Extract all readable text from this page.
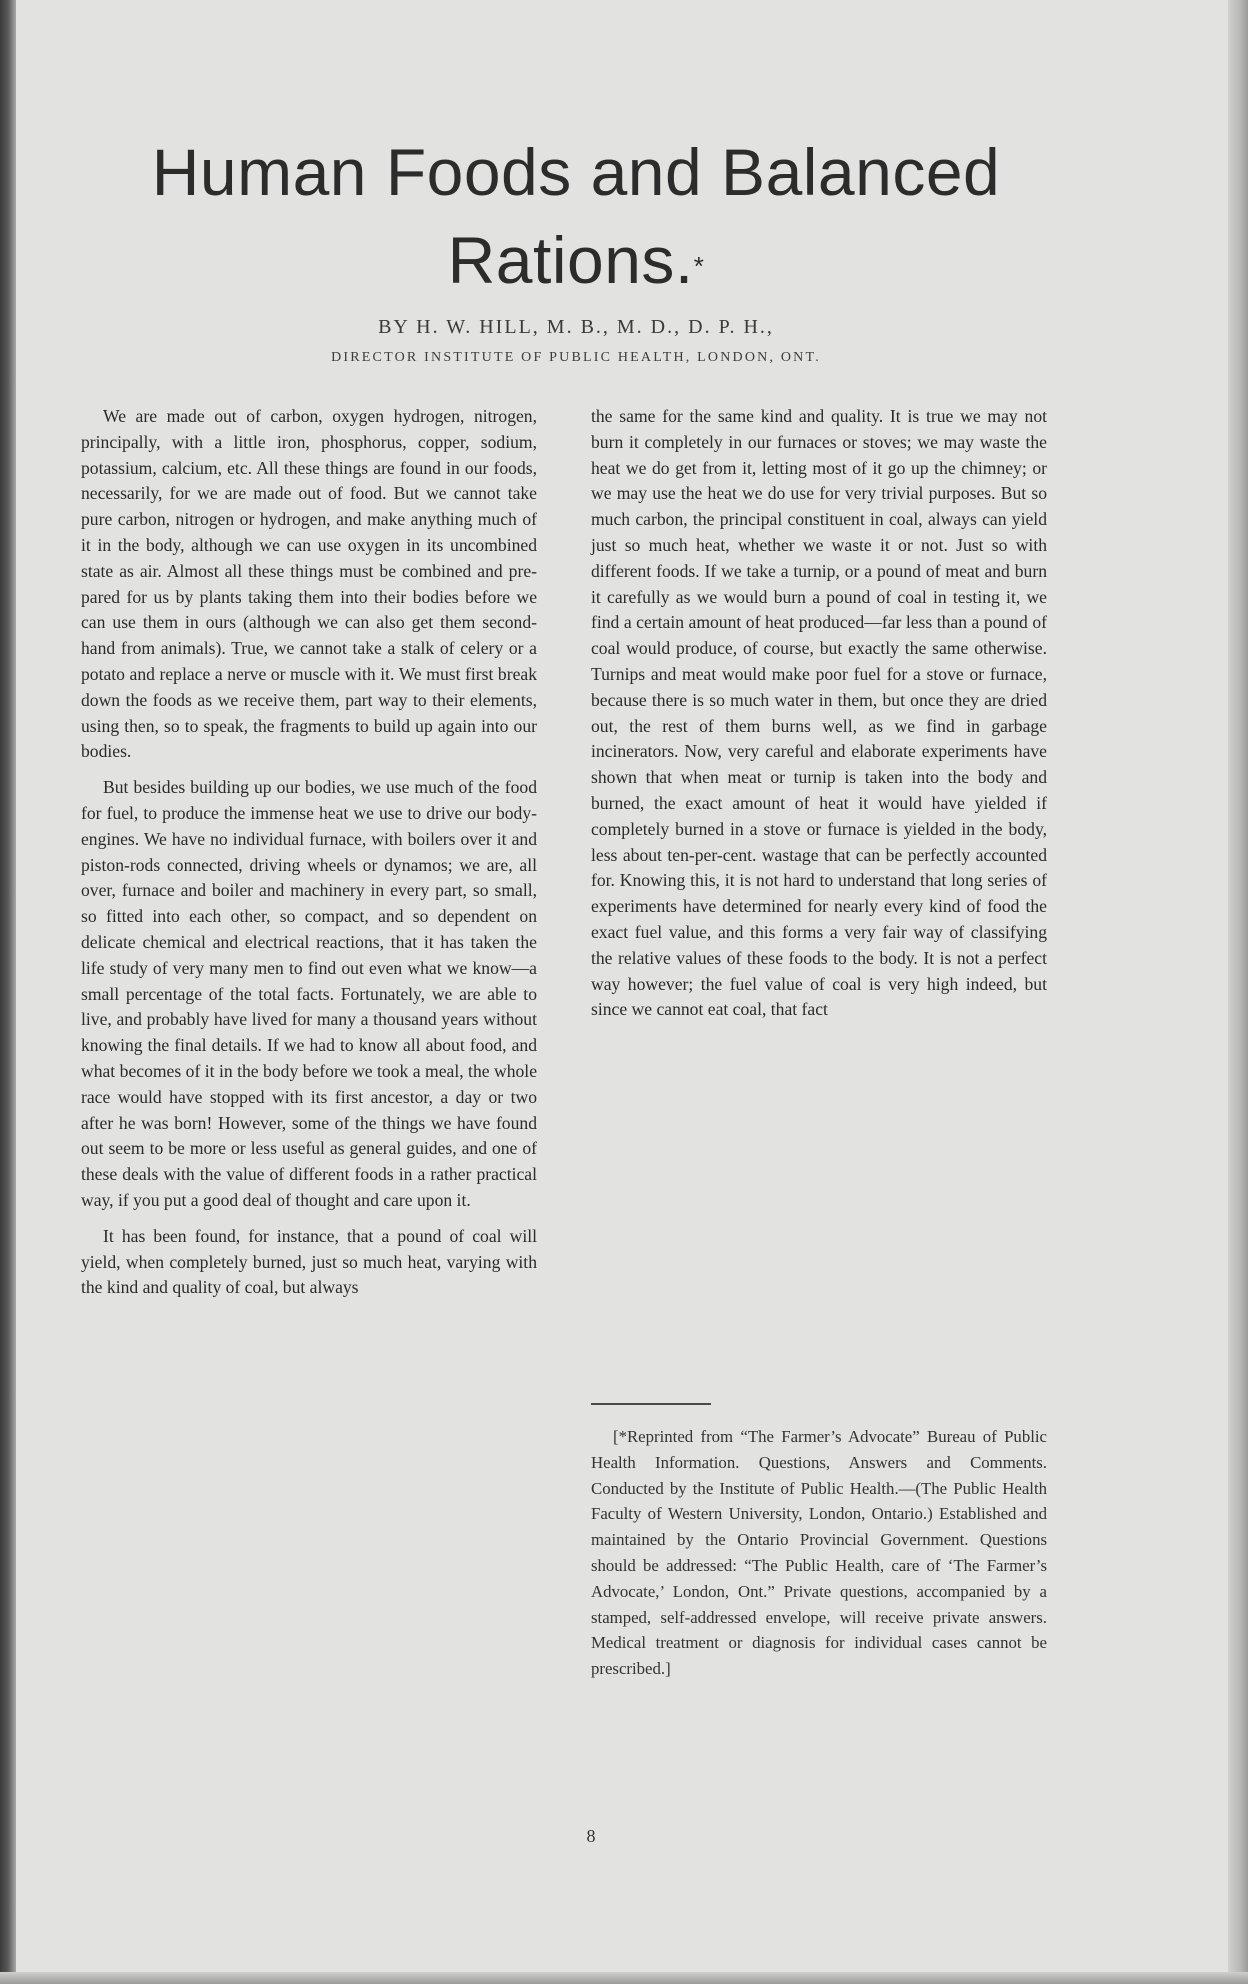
Human Foods and Balanced
Rations.*
BY H. W. HILL, M. B., M. D., D. P. H.,
DIRECTOR INSTITUTE OF PUBLIC HEALTH, LONDON, ONT.

We are made out of carbon, oxygen hydrogen, nitrogen, principally, with a little iron, phosphorus, copper, sodium, potassium, calcium, etc. All these things are found in our foods, necessarily, for we are made out of food. But we cannot take pure carbon, nitrogen or hydrogen, and make anything much of it in the body, although we can use oxygen in its uncombined state as air. Almost all these things must be combined and prepared for us by plants taking them into their bodies before we can use them in ours (although we can also get them second-hand from animals). True, we cannot take a stalk of celery or a potato and replace a nerve or muscle with it. We must first break down the foods as we receive them, part way to their elements, using then, so to speak, the fragments to build up again into our bodies.

But besides building up our bodies, we use much of the food for fuel, to produce the immense heat we use to drive our body-engines. We have no individual furnace, with boilers over it and piston-rods connected, driving wheels or dynamos; we are, all over, furnace and boiler and machinery in every part, so small, so fitted into each other, so compact, and so dependent on delicate chemical and electrical reactions, that it has taken the life study of very many men to find out even what we know—a small percentage of the total facts. Fortunately, we are able to live, and probably have lived for many a thousand years without knowing the final details. If we had to know all about food, and what becomes of it in the body before we took a meal, the whole race would have stopped with its first ancestor, a day or two after he was born! However, some of the things we have found out seem to be more or less useful as general guides, and one of these deals with the value of different foods in a rather practical way, if you put a good deal of thought and care upon it.

It has been found, for instance, that a pound of coal will yield, when completely burned, just so much heat, varying with the kind and quality of coal, but always

the same for the same kind and quality. It is true we may not burn it completely in our furnaces or stoves; we may waste the heat we do get from it, letting most of it go up the chimney; or we may use the heat we do use for very trivial purposes. But so much carbon, the principal constituent in coal, always can yield just so much heat, whether we waste it or not. Just so with different foods. If we take a turnip, or a pound of meat and burn it carefully as we would burn a pound of coal in testing it, we find a certain amount of heat produced—far less than a pound of coal would produce, of course, but exactly the same otherwise. Turnips and meat would make poor fuel for a stove or furnace, because there is so much water in them, but once they are dried out, the rest of them burns well, as we find in garbage incinerators. Now, very careful and elaborate experiments have shown that when meat or turnip is taken into the body and burned, the exact amount of heat it would have yielded if completely burned in a stove or furnace is yielded in the body, less about ten-per-cent. wastage that can be perfectly accounted for. Knowing this, it is not hard to understand that long series of experiments have determined for nearly every kind of food the exact fuel value, and this forms a very fair way of classifying the relative values of these foods to the body. It is not a perfect way however; the fuel value of coal is very high indeed, but since we cannot eat coal, that fact

[*Reprinted from “The Farmer’s Advocate” Bureau of Public Health Information. Questions, Answers and Comments. Conducted by the Institute of Public Health.—(The Public Health Faculty of Western University, London, Ontario.) Established and maintained by the Ontario Provincial Government. Questions should be addressed: “The Public Health, care of ‘The Farmer’s Advocate,’ London, Ont.” Private questions, accompanied by a stamped, self-addressed envelope, will receive private answers. Medical treatment or diagnosis for individual cases cannot be prescribed.]

8
